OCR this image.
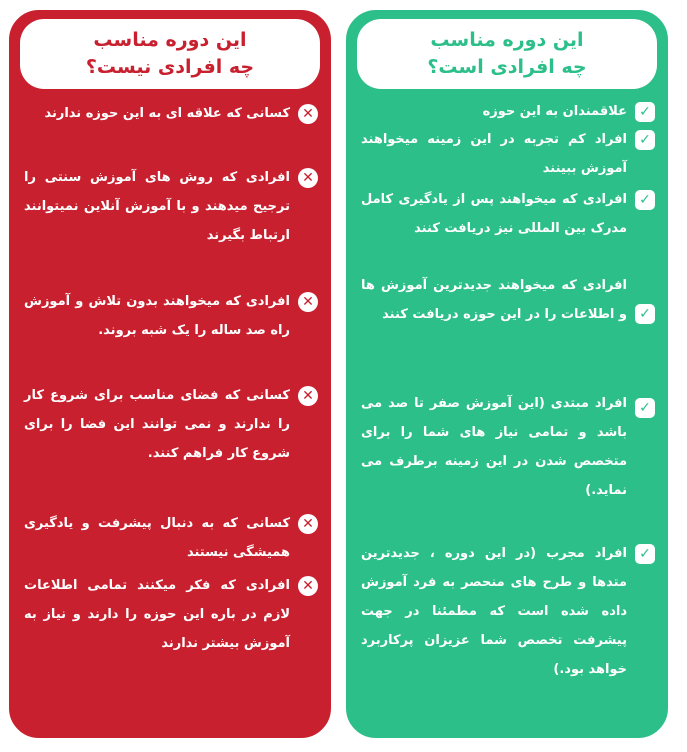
این دوره مناسب
چه افرادی است؟
✓
علاقمندان به این حوزه
✓
افراد کم تجربه در این زمینه میخواهند آموزش ببینند
✓
افرادی که میخواهند پس از یادگیری کامل مدرک بین المللی نیز دریافت کنند
✓
افرادی که میخواهند جدیدترین آموزش ها و اطلاعات را در این حوزه دریافت کنند
✓
افراد مبتدی (این آموزش صفر تا صد می باشد و تمامی نیاز های شما را برای متخصص شدن در این زمینه برطرف می نماید.)
✓
افراد مجرب (در این دوره ، جدیدترین متدها و طرح های منحصر به فرد آموزش داده شده است که مطمئنا در جهت پیشرفت تخصص شما عزیزان پرکاربرد خواهد بود.)
این دوره مناسب
چه افرادی نیست؟
✕
کسانی که علاقه ای به این حوزه ندارند
✕
افرادی که روش های آموزش سنتی را ترجیح میدهند و با آموزش آنلاین نمیتوانند ارتباط بگیرند
✕
افرادی که میخواهند بدون تلاش و آموزش راه صد ساله را یک شبه بروند.
✕
کسانی که فضای مناسب برای شروع کار را ندارند و نمی توانند این فضا را برای شروع کار فراهم کنند.
✕
کسانی که به دنبال پیشرفت و یادگیری همیشگی نیستند
✕
افرادی که فکر میکنند تمامی اطلاعات لازم در باره این حوزه را دارند و نیاز به آموزش بیشتر ندارند
